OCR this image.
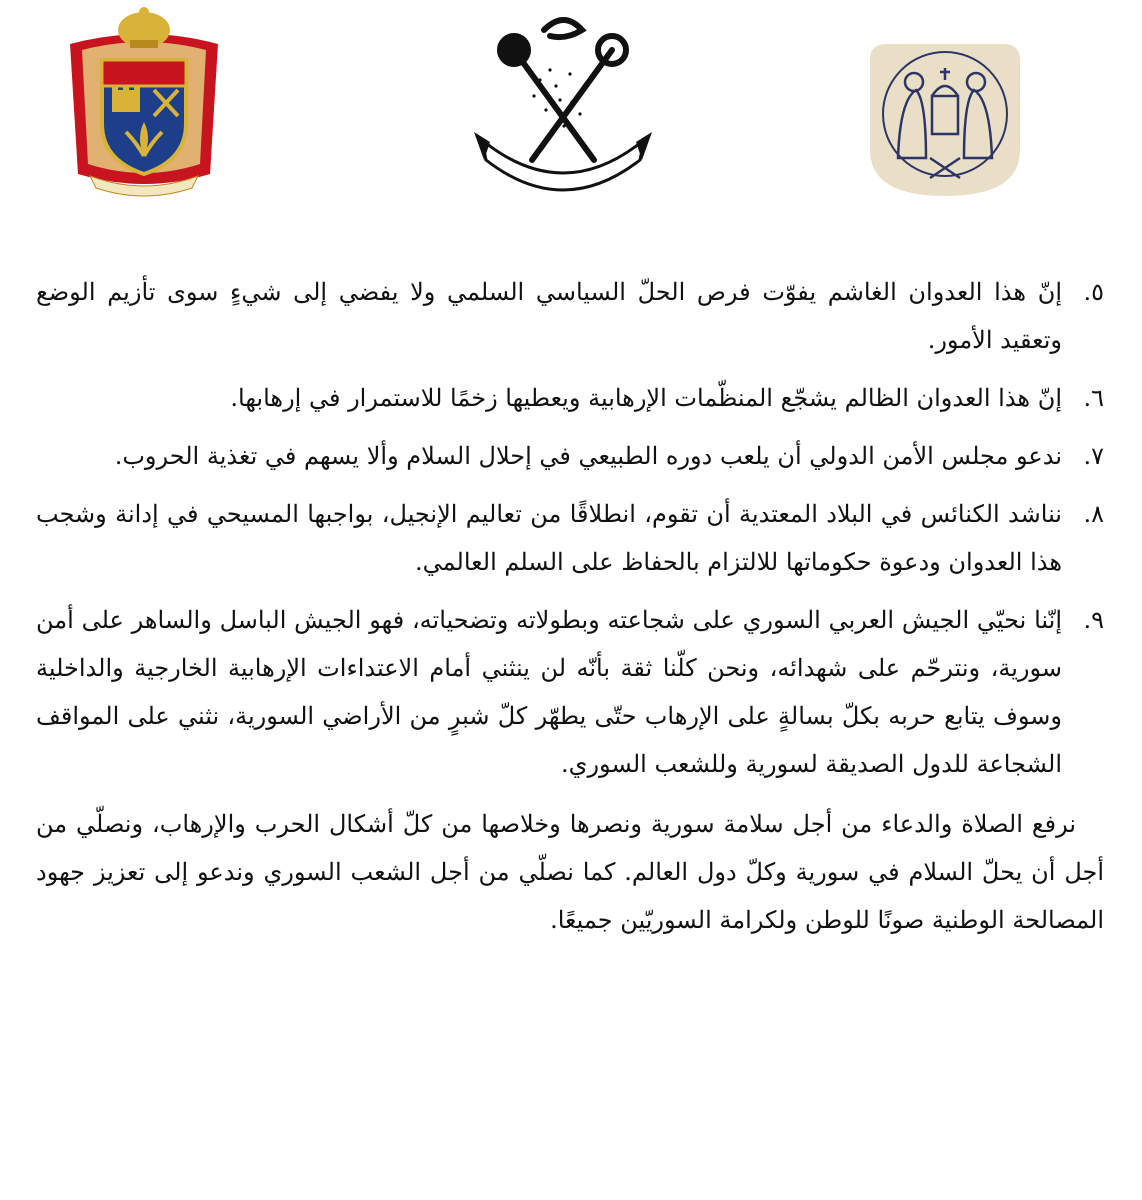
٥.
إنّ هذا العدوان الغاشم يفوّت فرص الحلّ السياسي السلمي ولا يفضي إلى شيءٍ سوى تأزيم الوضع وتعقيد الأمور.
٦.
إنّ هذا العدوان الظالم يشجّع المنظّمات الإرهابية ويعطيها زخمًا للاستمرار في إرهابها.
٧.
ندعو مجلس الأمن الدولي أن يلعب دوره الطبيعي في إحلال السلام وألا يسهم في تغذية الحروب.
٨.
نناشد الكنائس في البلاد المعتدية أن تقوم، انطلاقًا من تعاليم الإنجيل، بواجبها المسيحي في إدانة وشجب هذا العدوان ودعوة حكوماتها للالتزام بالحفاظ على السلم العالمي.
٩.
إنّنا نحيّي الجيش العربي السوري على شجاعته وبطولاته وتضحياته، فهو الجيش الباسل والساهر على أمن سورية، ونترحّم على شهدائه، ونحن كلّنا ثقة بأنّه لن ينثني أمام الاعتداءات الإرهابية الخارجية والداخلية وسوف يتابع حربه بكلّ بسالةٍ على الإرهاب حتّى يطهّر كلّ شبرٍ من الأراضي السورية، نثني على المواقف الشجاعة للدول الصديقة لسورية وللشعب السوري.

نرفع الصلاة والدعاء من أجل سلامة سورية ونصرها وخلاصها من كلّ أشكال الحرب والإرهاب، ونصلّي من أجل أن يحلّ السلام في سورية وكلّ دول العالم. كما نصلّي من أجل الشعب السوري وندعو إلى تعزيز جهود المصالحة الوطنية صونًا للوطن ولكرامة السوريّين جميعًا.
